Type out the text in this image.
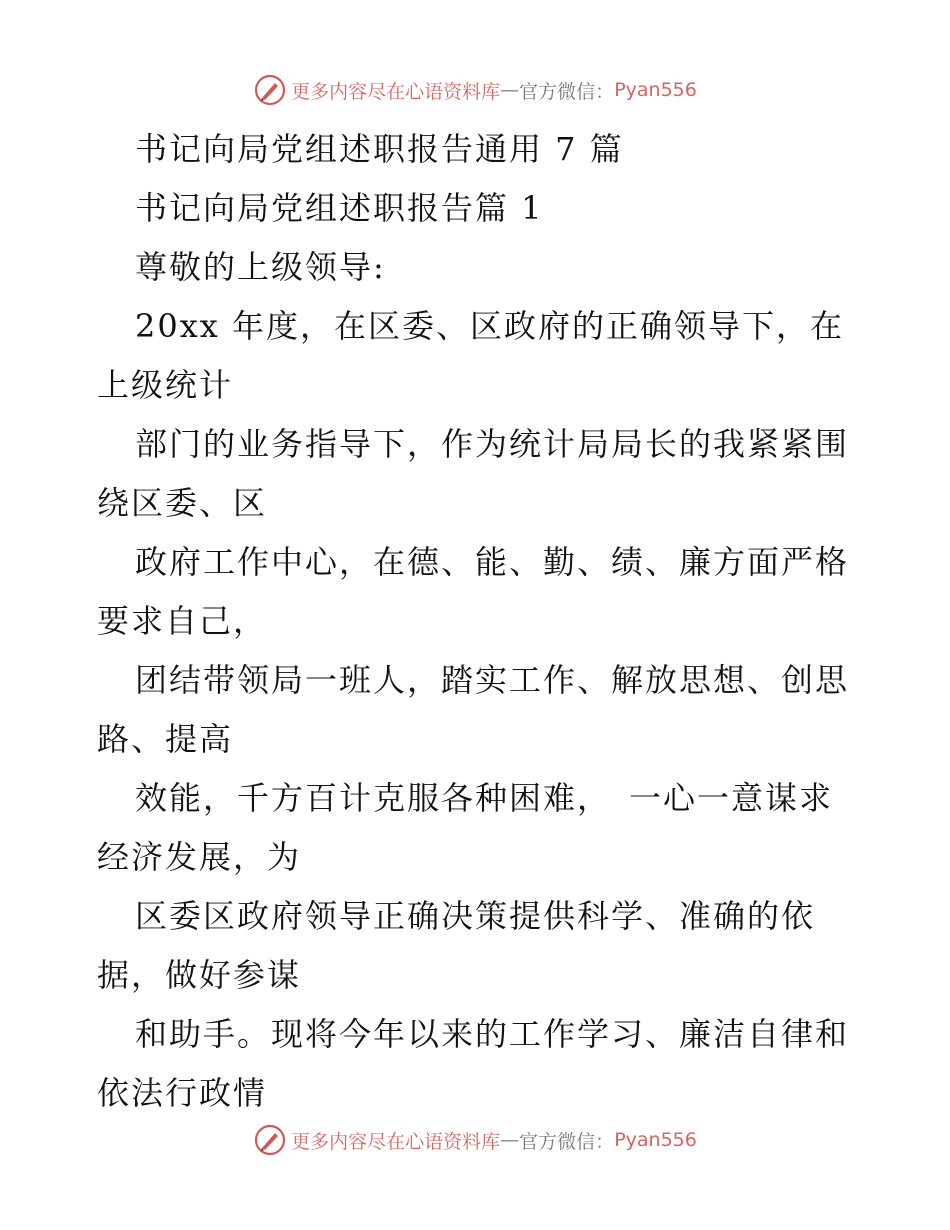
更多内容尽在心语资料库 — 官方微信： Pyan556
书记向局党组述职报告通用 7 篇
书记向局党组述职报告篇 1
尊敬的上级领导:
20xx 年度，在区委、区政府的正确领导下，在
上级统计
部门的业务指导下，作为统计局局长的我紧紧围
绕区委、区
政府工作中心，在德、能、勤、绩、廉方面严格
要求自己，
团结带领局一班人，踏实工作、解放思想、创思
路、提高
效能，千方百计克服各种困难，　一心一意谋求
经济发展，为
区委区政府领导正确决策提供科学、准确的依
据，做好参谋
和助手。现将今年以来的工作学习、廉洁自律和
依法行政情
更多内容尽在心语资料库 — 官方微信： Pyan556
